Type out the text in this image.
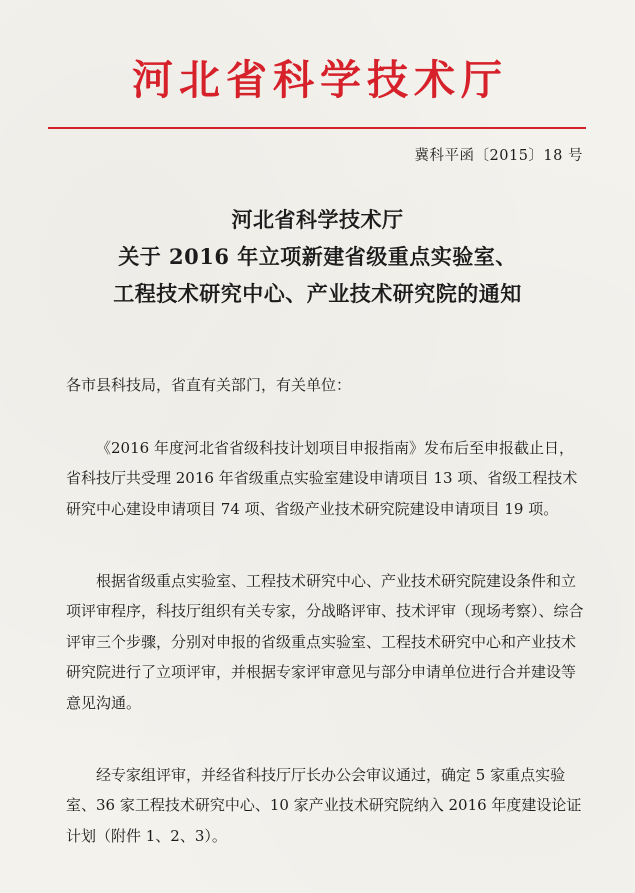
河北省科学技术厅
冀科平函〔2015〕18 号
河北省科学技术厅
关于 2016 年立项新建省级重点实验室、
工程技术研究中心、产业技术研究院的通知

各市县科技局，省直有关部门，有关单位：

《2016 年度河北省省级科技计划项目申报指南》发布后至申报截止日，省科技厅共受理 2016 年省级重点实验室建设申请项目 13 项、省级工程技术研究中心建设申请项目 74 项、省级产业技术研究院建设申请项目 19 项。

根据省级重点实验室、工程技术研究中心、产业技术研究院建设条件和立项评审程序，科技厅组织有关专家，分战略评审、技术评审（现场考察）、综合评审三个步骤，分别对申报的省级重点实验室、工程技术研究中心和产业技术研究院进行了立项评审，并根据专家评审意见与部分申请单位进行合并建设等意见沟通。

经专家组评审，并经省科技厅厅长办公会审议通过，确定 5 家重点实验室、36 家工程技术研究中心、10 家产业技术研究院纳入 2016 年度建设论证计划（附件 1、2、3）。
